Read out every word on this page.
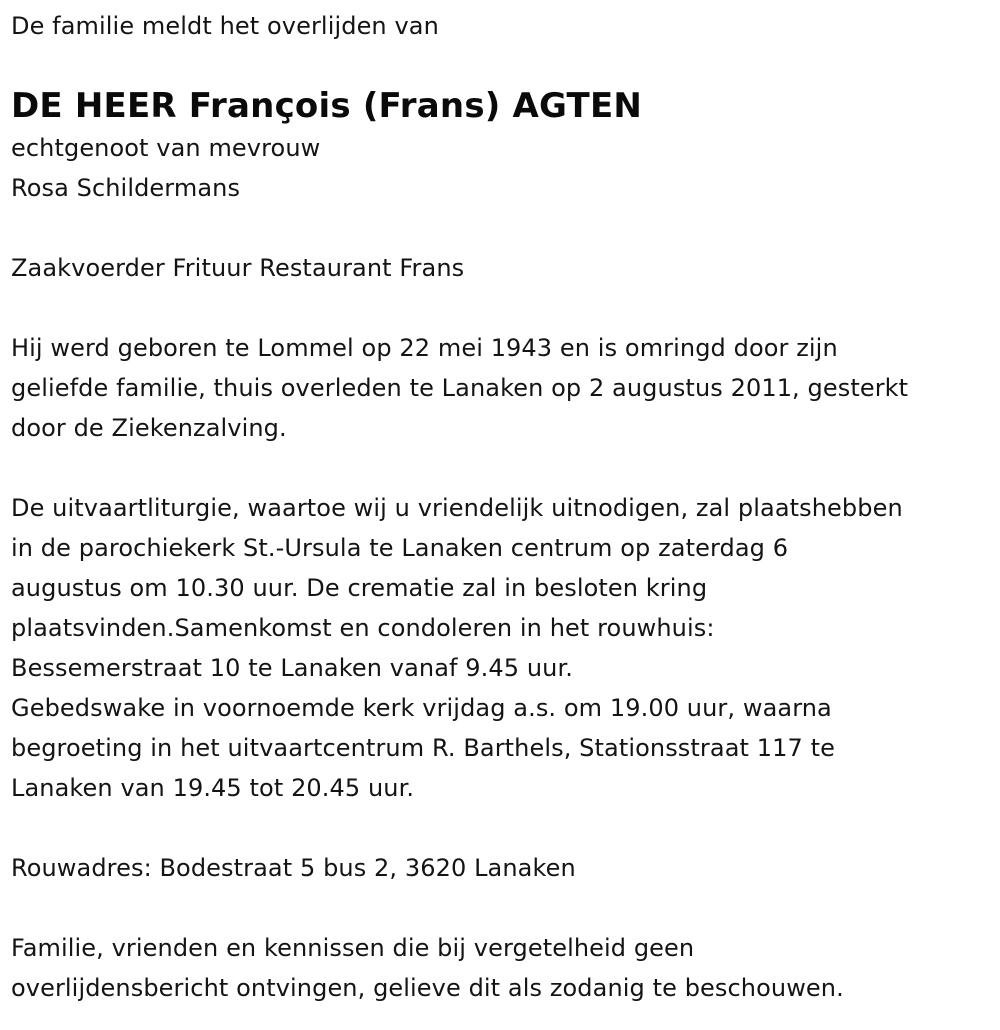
De familie meldt het overlijden van
DE HEER François (Frans) AGTEN
echtgenoot van mevrouw
Rosa Schildermans
Zaakvoerder Frituur Restaurant Frans
Hij werd geboren te Lommel op 22 mei 1943 en is omringd door zijn
geliefde familie, thuis overleden te Lanaken op 2 augustus 2011, gesterkt
door de Ziekenzalving.
De uitvaartliturgie, waartoe wij u vriendelijk uitnodigen, zal plaatshebben
in de parochiekerk St.-Ursula te Lanaken centrum op zaterdag 6
augustus om 10.30 uur. De crematie zal in besloten kring
plaatsvinden.Samenkomst en condoleren in het rouwhuis:
Bessemerstraat 10 te Lanaken vanaf 9.45 uur.
Gebedswake in voornoemde kerk vrijdag a.s. om 19.00 uur, waarna
begroeting in het uitvaartcentrum R. Barthels, Stationsstraat 117 te
Lanaken van 19.45 tot 20.45 uur.
Rouwadres: Bodestraat 5 bus 2, 3620 Lanaken
Familie, vrienden en kennissen die bij vergetelheid geen
overlijdensbericht ontvingen, gelieve dit als zodanig te beschouwen.
